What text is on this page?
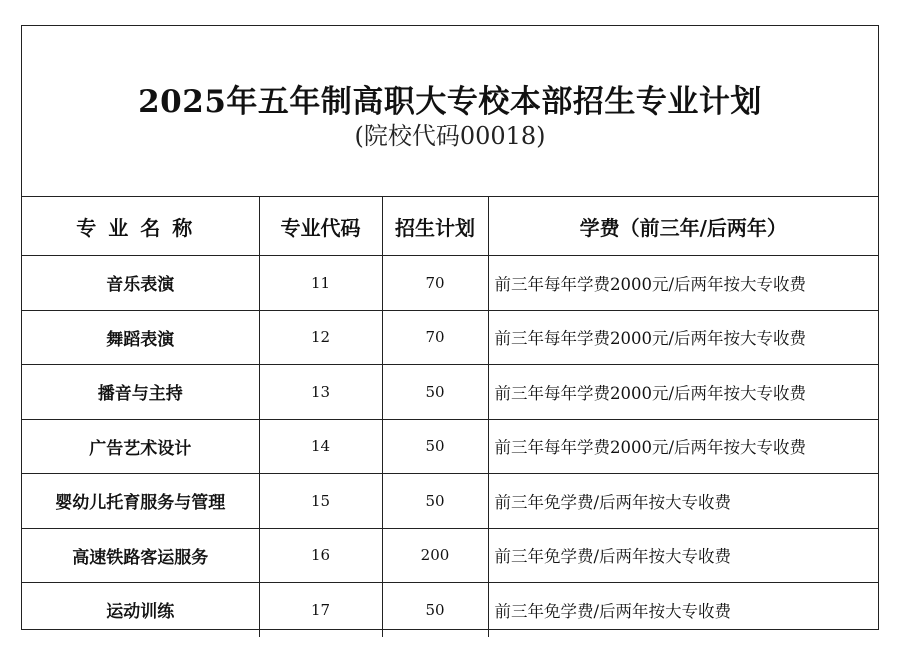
2025年五年制高职大专校本部招生专业计划
(院校代码00018)
专业名称	专业代码	招生计划	学费（前三年/后两年）
音乐表演	11	70	前三年每年学费2000元/后两年按大专收费
舞蹈表演	12	70	前三年每年学费2000元/后两年按大专收费
播音与主持	13	50	前三年每年学费2000元/后两年按大专收费
广告艺术设计	14	50	前三年每年学费2000元/后两年按大专收费
婴幼儿托育服务与管理	15	50	前三年免学费/后两年按大专收费
高速铁路客运服务	16	200	前三年免学费/后两年按大专收费
运动训练	17	50	前三年免学费/后两年按大专收费
